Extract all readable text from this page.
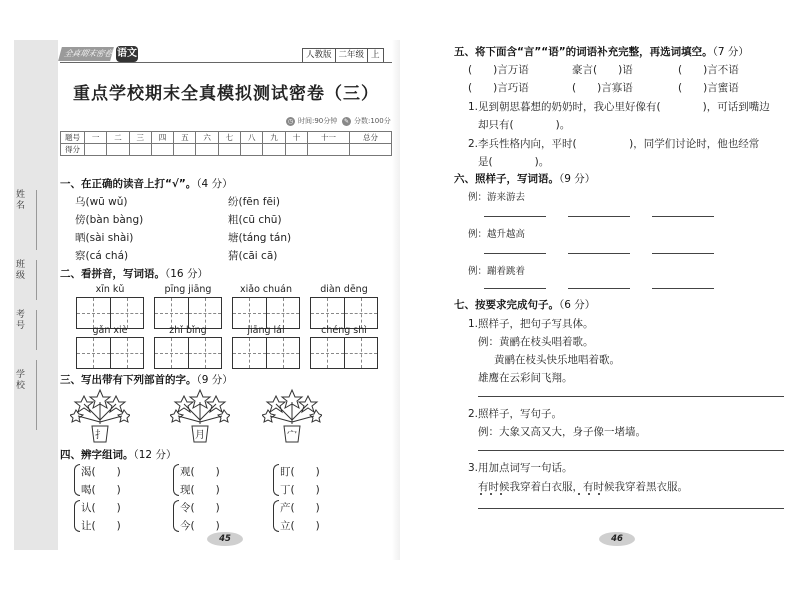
姓名
班级
考号
学校
全真期末密卷 语文	人教版 二年级 上
重点学校期末全真模拟测试密卷（三）
◷ 时间:90分钟	✎ 分数:100分
题号	一	二	三	四	五	六	七	八	九	十	十一	总分
得分												
一、在正确的读音上打“√”。（4 分）
乌(wū wǔ)	纷(fēn fēi)
傍(bàn bàng)	粗(cū chū)
晒(sài shài)	塘(táng tán)
察(cá chá)	猜(cāi cā)
二、看拼音，写词语。（16 分）
xīn kǔ	pīng jiāng	xiǎo chuán	diàn dēng
gǎn xiè	zhǐ bǐng	jiāng lái	chéng shì
三、写出带有下列部首的字。（9 分）
扌	月	宀
四、辨字组词。（12 分）
渴(　　)	观(　　)	盯(　　)
喝(　　)	现(　　)	丁(　　)
认(　　)	令(　　)	产(　　)
让(　　)	今(　　)	立(　　)
45
五、将下面含“言”“语”的词语补充完整，再选词填空。（7 分）
(　　)言万语	豪言(　　)语	(　　)言不语
(　　)言巧语	(　　)言寡语	(　　)言蜜语
1.见到朝思暮想的奶奶时，我心里好像有(　　　　)，可话到嘴边
却只有(　　　　)。
2.李兵性格内向，平时(　　　　　)，同学们讨论时，他也经常
是(　　　　)。
六、照样子，写词语。（9 分）
例：游来游去
例：越升越高
例：蹦着跳着
七、按要求完成句子。（6 分）
1.照样子，把句子写具体。
例：黄鹂在枝头唱着歌。
黄鹂在枝头快乐地唱着歌。
雄鹰在云彩间飞翔。
2.照样子，写句子。
例：大象又高又大，身子像一堵墙。
3.用加点词写一句话。
有时候我穿着白衣服，有时候我穿着黑衣服。
46
